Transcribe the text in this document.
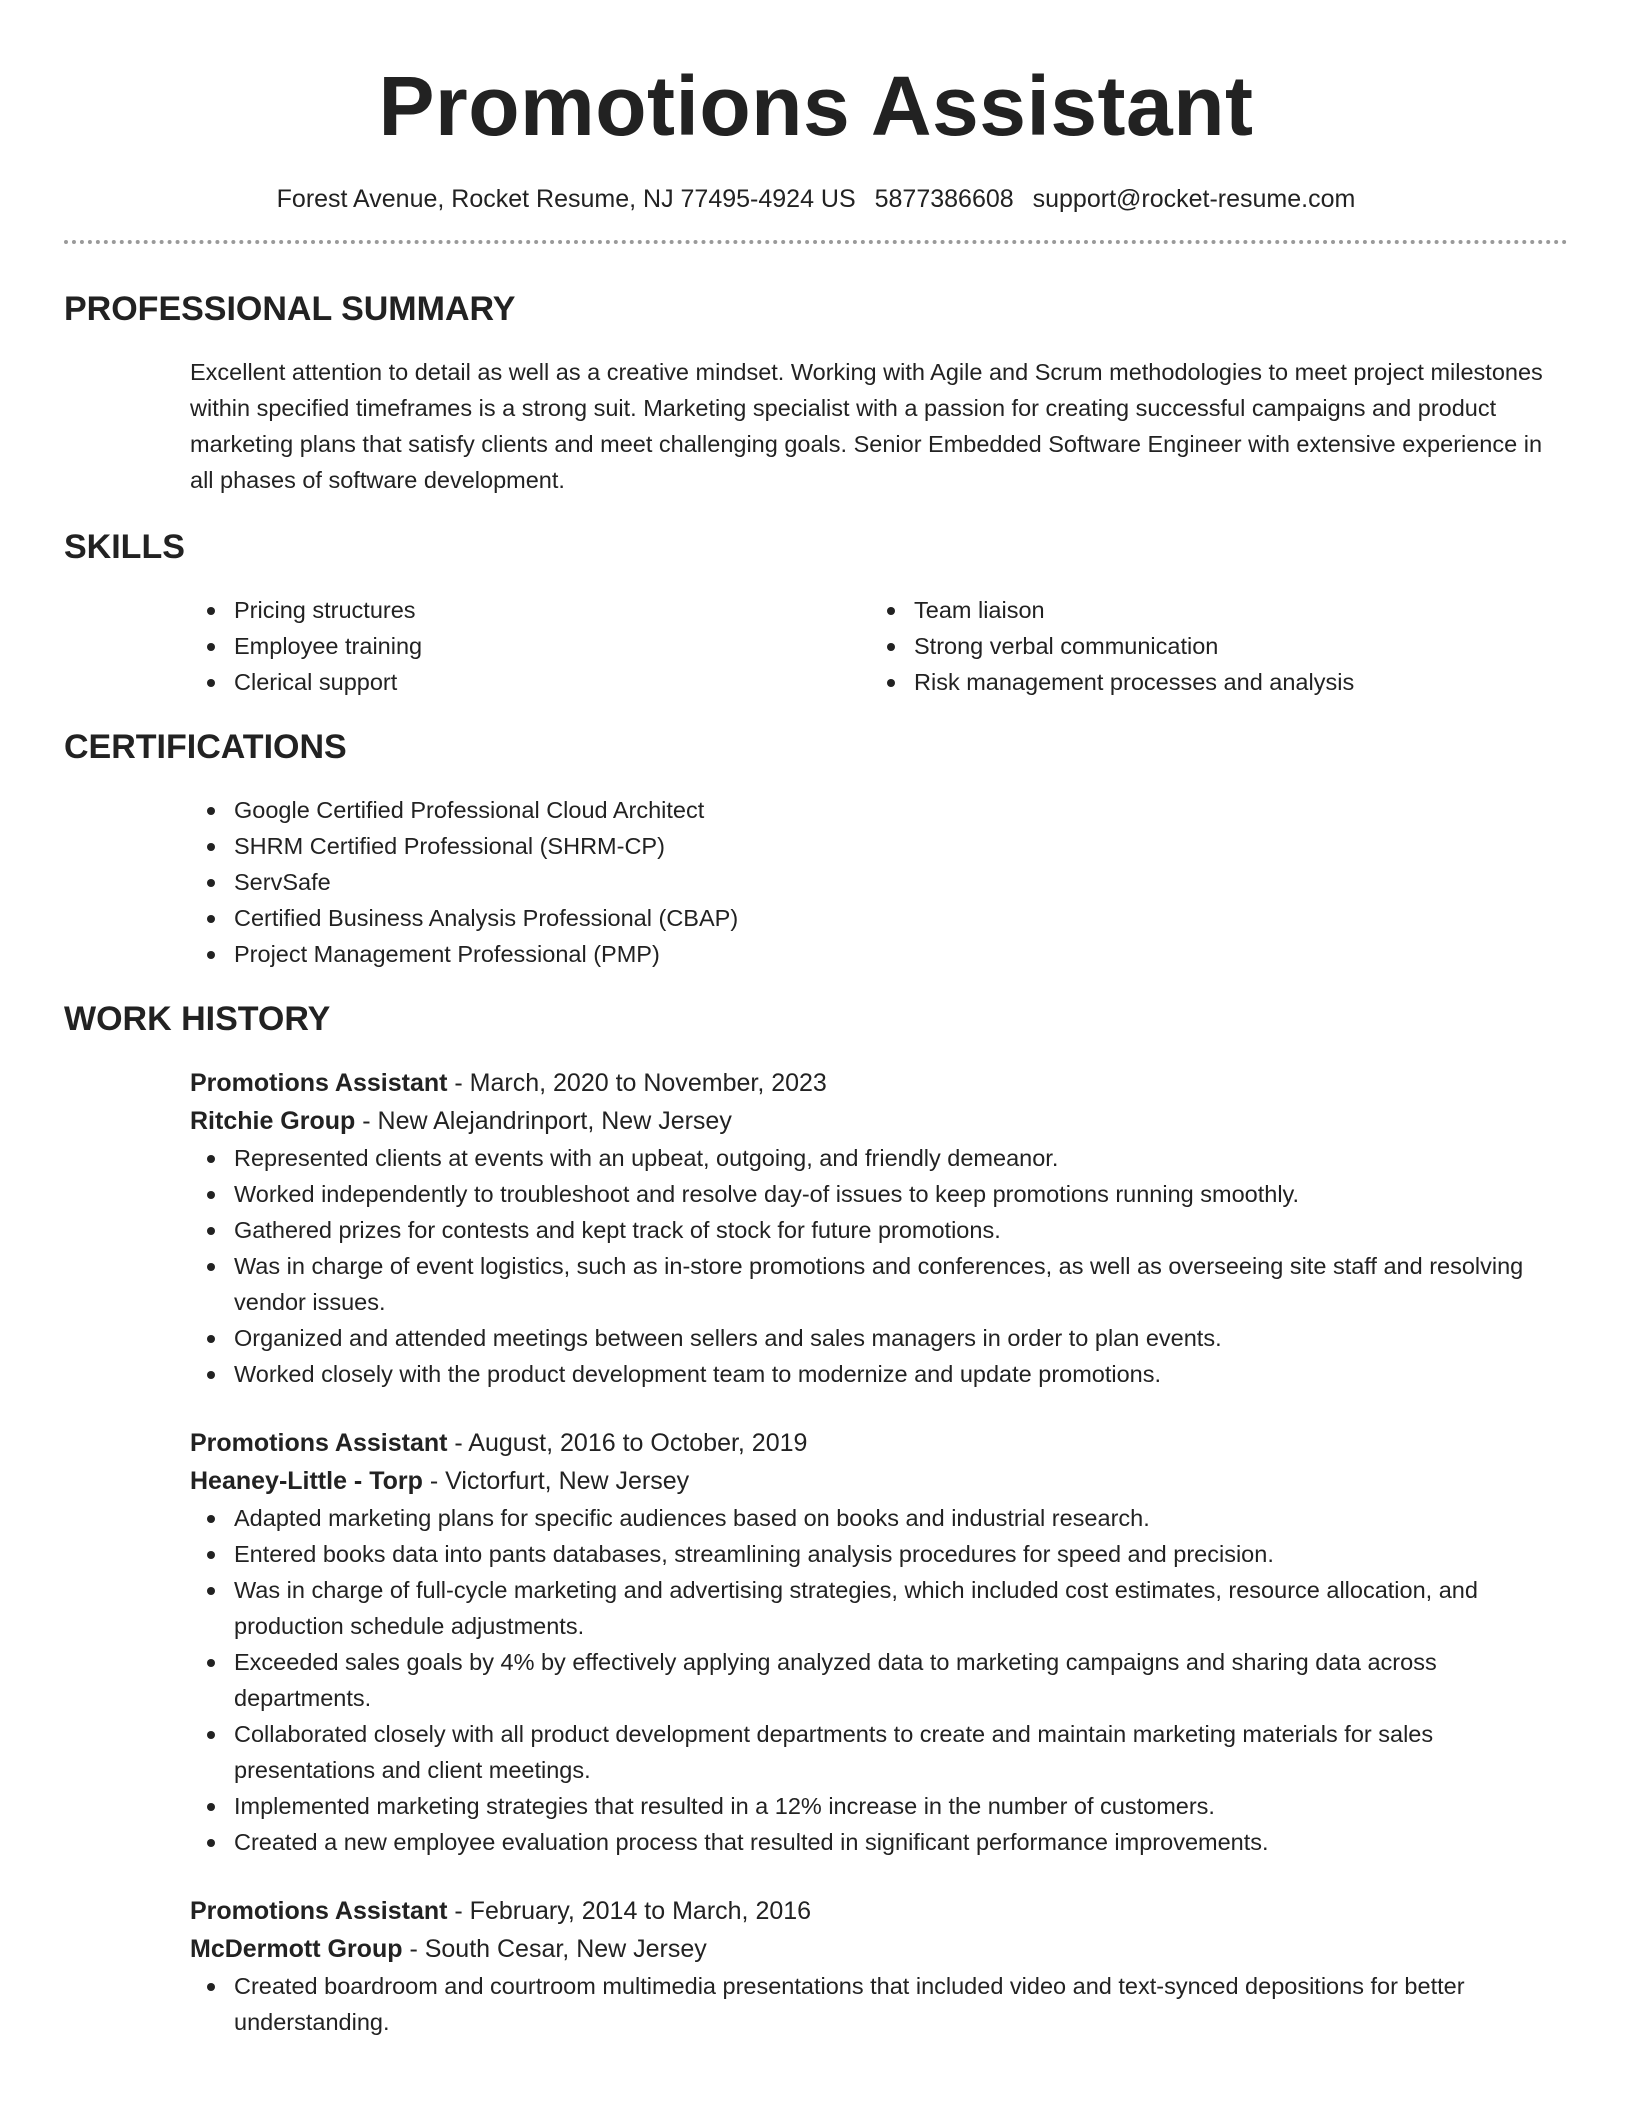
Promotions Assistant
Forest Avenue, Rocket Resume, NJ 77495-4924 US 5877386608 support@rocket-resume.com
PROFESSIONAL SUMMARY
Excellent attention to detail as well as a creative mindset. Working with Agile and Scrum methodologies to meet project milestones within specified timeframes is a strong suit. Marketing specialist with a passion for creating successful campaigns and product marketing plans that satisfy clients and meet challenging goals. Senior Embedded Software Engineer with extensive experience in all phases of software development.
SKILLS
Pricing structures
Employee training
Clerical support
Team liaison
Strong verbal communication
Risk management processes and analysis
CERTIFICATIONS
Google Certified Professional Cloud Architect
SHRM Certified Professional (SHRM-CP)
ServSafe
Certified Business Analysis Professional (CBAP)
Project Management Professional (PMP)
WORK HISTORY
Promotions Assistant - March, 2020 to November, 2023
Ritchie Group - New Alejandrinport, New Jersey
Represented clients at events with an upbeat, outgoing, and friendly demeanor.
Worked independently to troubleshoot and resolve day-of issues to keep promotions running smoothly.
Gathered prizes for contests and kept track of stock for future promotions.
Was in charge of event logistics, such as in-store promotions and conferences, as well as overseeing site staff and resolving vendor issues.
Organized and attended meetings between sellers and sales managers in order to plan events.
Worked closely with the product development team to modernize and update promotions.
Promotions Assistant - August, 2016 to October, 2019
Heaney-Little - Torp - Victorfurt, New Jersey
Adapted marketing plans for specific audiences based on books and industrial research.
Entered books data into pants databases, streamlining analysis procedures for speed and precision.
Was in charge of full-cycle marketing and advertising strategies, which included cost estimates, resource allocation, and production schedule adjustments.
Exceeded sales goals by 4% by effectively applying analyzed data to marketing campaigns and sharing data across departments.
Collaborated closely with all product development departments to create and maintain marketing materials for sales presentations and client meetings.
Implemented marketing strategies that resulted in a 12% increase in the number of customers.
Created a new employee evaluation process that resulted in significant performance improvements.
Promotions Assistant - February, 2014 to March, 2016
McDermott Group - South Cesar, New Jersey
Created boardroom and courtroom multimedia presentations that included video and text-synced depositions for better understanding.
